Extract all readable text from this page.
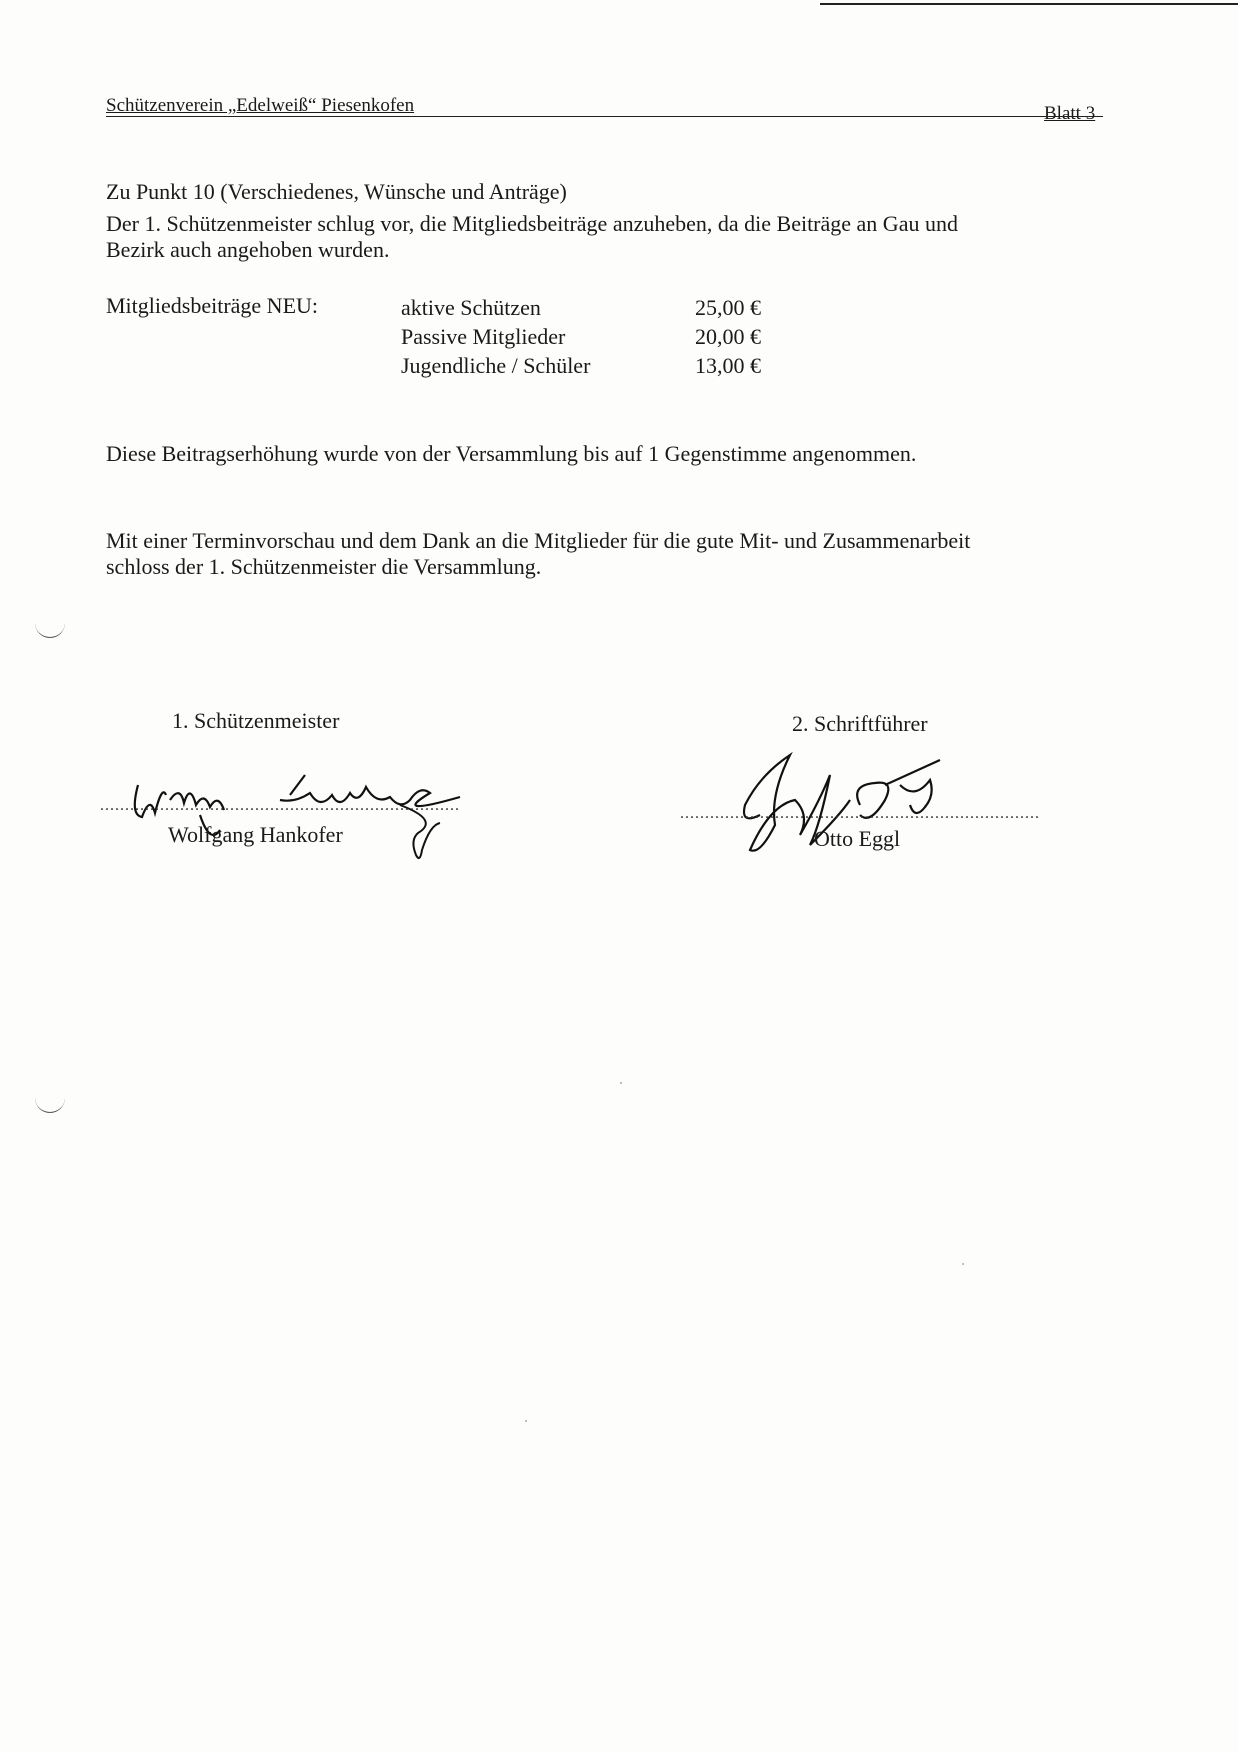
Schützenverein „Edelweiß“ Piesenkofen	Blatt 3
Zu Punkt 10 (Verschiedenes, Wünsche und Anträge)
Der 1. Schützenmeister schlug vor, die Mitgliedsbeiträge anzuheben, da die Beiträge an Gau und
Bezirk auch angehoben wurden.
Mitgliedsbeiträge NEU:	aktive Schützen	25,00 €
Passive Mitglieder	20,00 €
Jugendliche / Schüler	13,00 €
Diese Beitragserhöhung wurde von der Versammlung bis auf 1 Gegenstimme angenommen.
Mit einer Terminvorschau und dem Dank an die Mitglieder für die gute Mit- und Zusammenarbeit
schloss der 1. Schützenmeister die Versammlung.
1. Schützenmeister
........................................................................
Wolfgang Hankofer
2. Schriftführer
........................................................................
Otto Eggl
